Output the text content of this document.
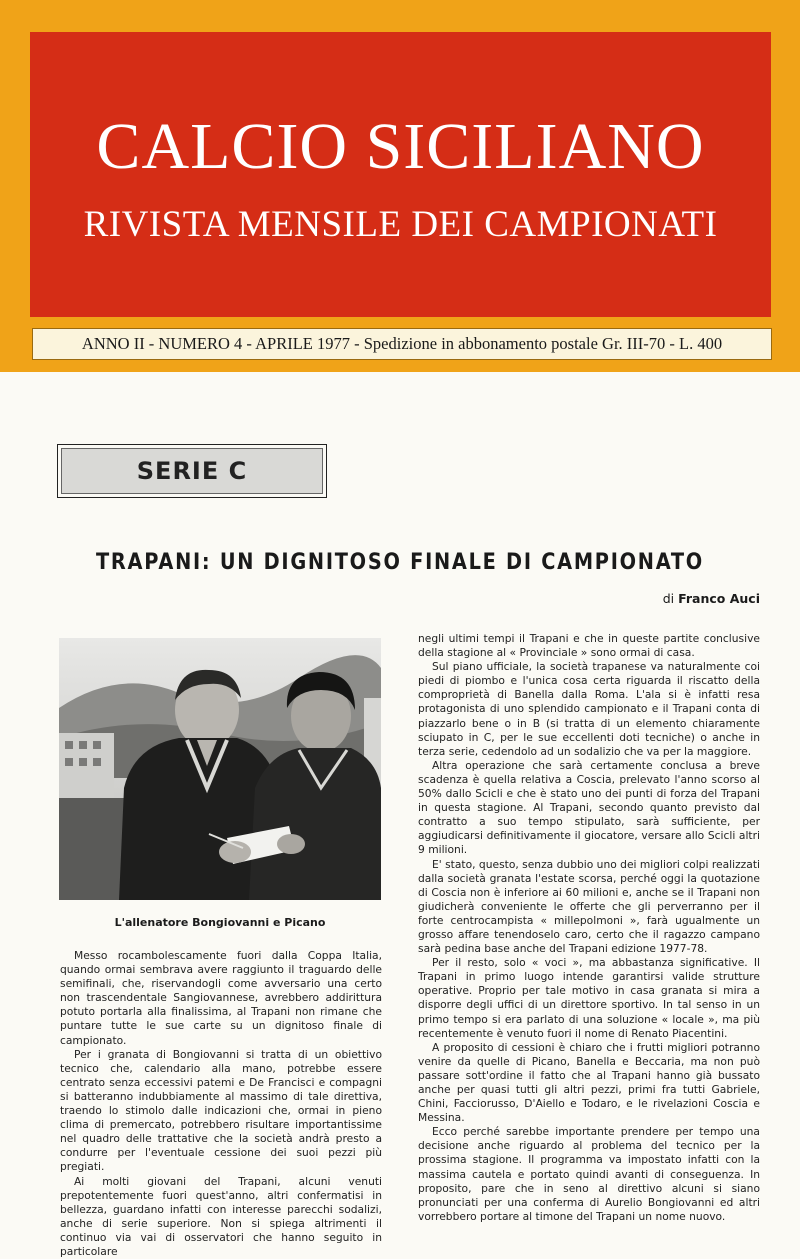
CALCIO SICILIANO
RIVISTA MENSILE DEI CAMPIONATI
ANNO II - NUMERO 4 - APRILE 1977 - Spedizione in abbonamento postale Gr. III-70 - L. 400
SERIE C
TRAPANI: UN DIGNITOSO FINALE DI CAMPIONATO
di Franco Auci
L'allenatore Bongiovanni e Picano

Messo rocambolescamente fuori dalla Coppa Italia, quando ormai sembrava avere raggiunto il traguardo delle semifinali, che, riservandogli come avversario una certo non trascendentale Sangiovannese, avrebbero addirittura potuto portarla alla finalissima, al Trapani non rimane che puntare tutte le sue carte su un dignitoso finale di campionato.

Per i granata di Bongiovanni si tratta di un obiettivo tecnico che, calendario alla mano, potrebbe essere centrato senza eccessivi patemi e De Francisci e compagni si batteranno indubbiamente al massimo di tale direttiva, traendo lo stimolo dalle indicazioni che, ormai in pieno clima di premercato, potrebbero risultare importantissime nel quadro delle trattative che la società andrà presto a condurre per l'eventuale cessione dei suoi pezzi più pregiati.

Ai molti giovani del Trapani, alcuni venuti prepotentemente fuori quest'anno, altri confermatisi in bellezza, guardano infatti con interesse parecchi sodalizi, anche di serie superiore. Non si spiega altrimenti il continuo via vai di osservatori che hanno seguito in particolare

negli ultimi tempi il Trapani e che in queste partite conclusive della stagione al « Provinciale » sono ormai di casa.

Sul piano ufficiale, la società trapanese va naturalmente coi piedi di piombo e l'unica cosa certa riguarda il riscatto della comproprietà di Banella dalla Roma. L'ala si è infatti resa protagonista di uno splendido campionato e il Trapani conta di piazzarlo bene o in B (si tratta di un elemento chiaramente sciupato in C, per le sue eccellenti doti tecniche) o anche in terza serie, cedendolo ad un sodalizio che va per la maggiore.

Altra operazione che sarà certamente conclusa a breve scadenza è quella relativa a Coscia, prelevato l'anno scorso al 50% dallo Scicli e che è stato uno dei punti di forza del Trapani in questa stagione. Al Trapani, secondo quanto previsto dal contratto a suo tempo stipulato, sarà sufficiente, per aggiudicarsi definitivamente il giocatore, versare allo Scicli altri 9 milioni.

E' stato, questo, senza dubbio uno dei migliori colpi realizzati dalla società granata l'estate scorsa, perché oggi la quotazione di Coscia non è inferiore ai 60 milioni e, anche se il Trapani non giudicherà conveniente le offerte che gli perverranno per il forte centrocampista « millepolmoni », farà ugualmente un grosso affare tenendoselo caro, certo che il ragazzo campano sarà pedina base anche del Trapani edizione 1977-78.

Per il resto, solo « voci », ma abbastanza significative. Il Trapani in primo luogo intende garantirsi valide strutture operative. Proprio per tale motivo in casa granata si mira a disporre degli uffici di un direttore sportivo. In tal senso in un primo tempo si era parlato di una soluzione « locale », ma più recentemente è venuto fuori il nome di Renato Piacentini.

A proposito di cessioni è chiaro che i frutti migliori potranno venire da quelle di Picano, Banella e Beccaria, ma non può passare sott'ordine il fatto che al Trapani hanno già bussato anche per quasi tutti gli altri pezzi, primi fra tutti Gabriele, Chini, Facciorusso, D'Aiello e Todaro, e le rivelazioni Coscia e Messina.

Ecco perché sarebbe importante prendere per tempo una decisione anche riguardo al problema del tecnico per la prossima stagione. Il programma va impostato infatti con la massima cautela e portato quindi avanti di conseguenza. In proposito, pare che in seno al direttivo alcuni si siano pronunciati per una conferma di Aurelio Bongiovanni ed altri vorrebbero portare al timone del Trapani un nome nuovo.
